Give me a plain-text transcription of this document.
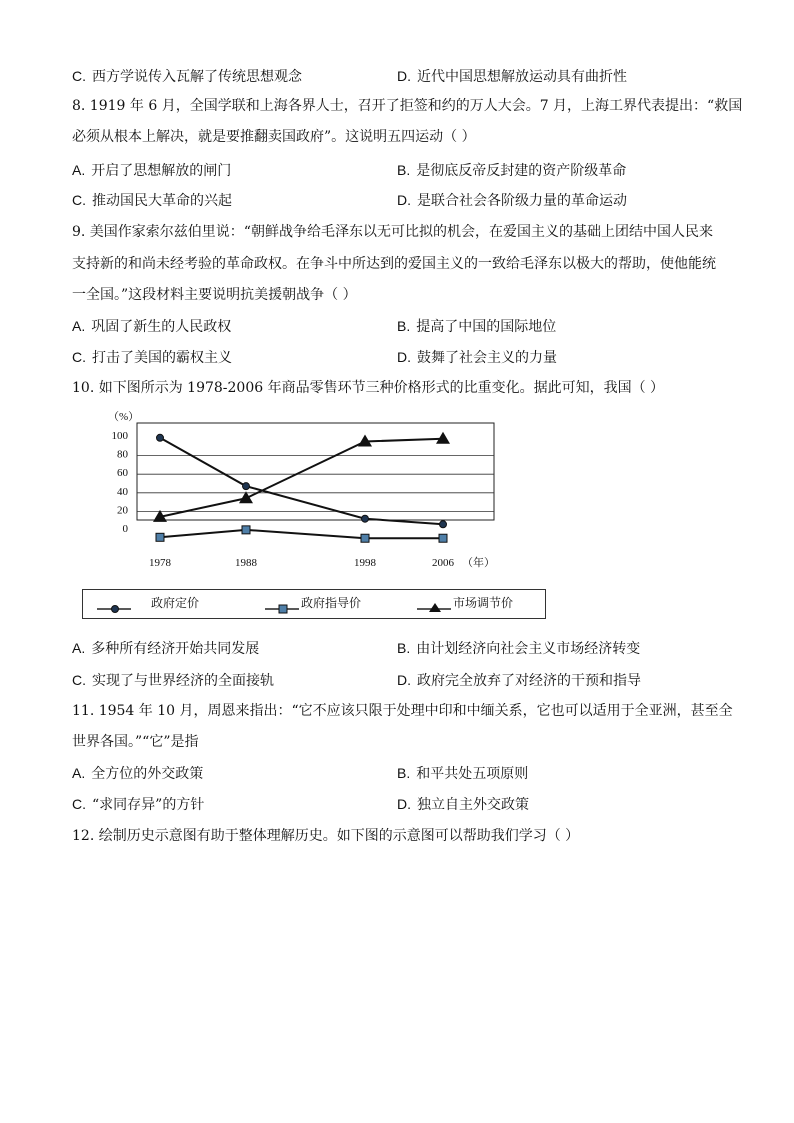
C. 西方学说传入瓦解了传统思想观念	D. 近代中国思想解放运动具有曲折性
8. 1919 年 6 月，全国学联和上海各界人士，召开了拒签和约的万人大会。7 月，上海工界代表提出：“救国
必须从根本上解决，就是要推翻卖国政府”。这说明五四运动（ ）
A. 开启了思想解放的闸门	B. 是彻底反帝反封建的资产阶级革命
C. 推动国民大革命的兴起	D. 是联合社会各阶级力量的革命运动
9. 美国作家索尔兹伯里说：“朝鲜战争给毛泽东以无可比拟的机会，在爱国主义的基础上团结中国人民来
支持新的和尚未经考验的革命政权。在争斗中所达到的爱国主义的一致给毛泽东以极大的帮助，使他能统
一全国。”这段材料主要说明抗美援朝战争（ ）
A. 巩固了新生的人民政权	B. 提高了中国的国际地位
C. 打击了美国的霸权主义	D. 鼓舞了社会主义的力量
10. 如下图所示为 1978-2006 年商品零售环节三种价格形式的比重变化。据此可知，我国（ ）
（%）
100
80
60
40
20
0
1978	1988	1998	2006 （年）
政府定价	政府指导价	市场调节价
A. 多种所有经济开始共同发展	B. 由计划经济向社会主义市场经济转变
C. 实现了与世界经济的全面接轨	D. 政府完全放弃了对经济的干预和指导
11. 1954 年 10 月，周恩来指出：“它不应该只限于处理中印和中缅关系，它也可以适用于全亚洲，甚至全
世界各国。”“它”是指
A. 全方位的外交政策	B. 和平共处五项原则
C. “求同存异”的方针	D. 独立自主外交政策
12. 绘制历史示意图有助于整体理解历史。如下图的示意图可以帮助我们学习（ ）
